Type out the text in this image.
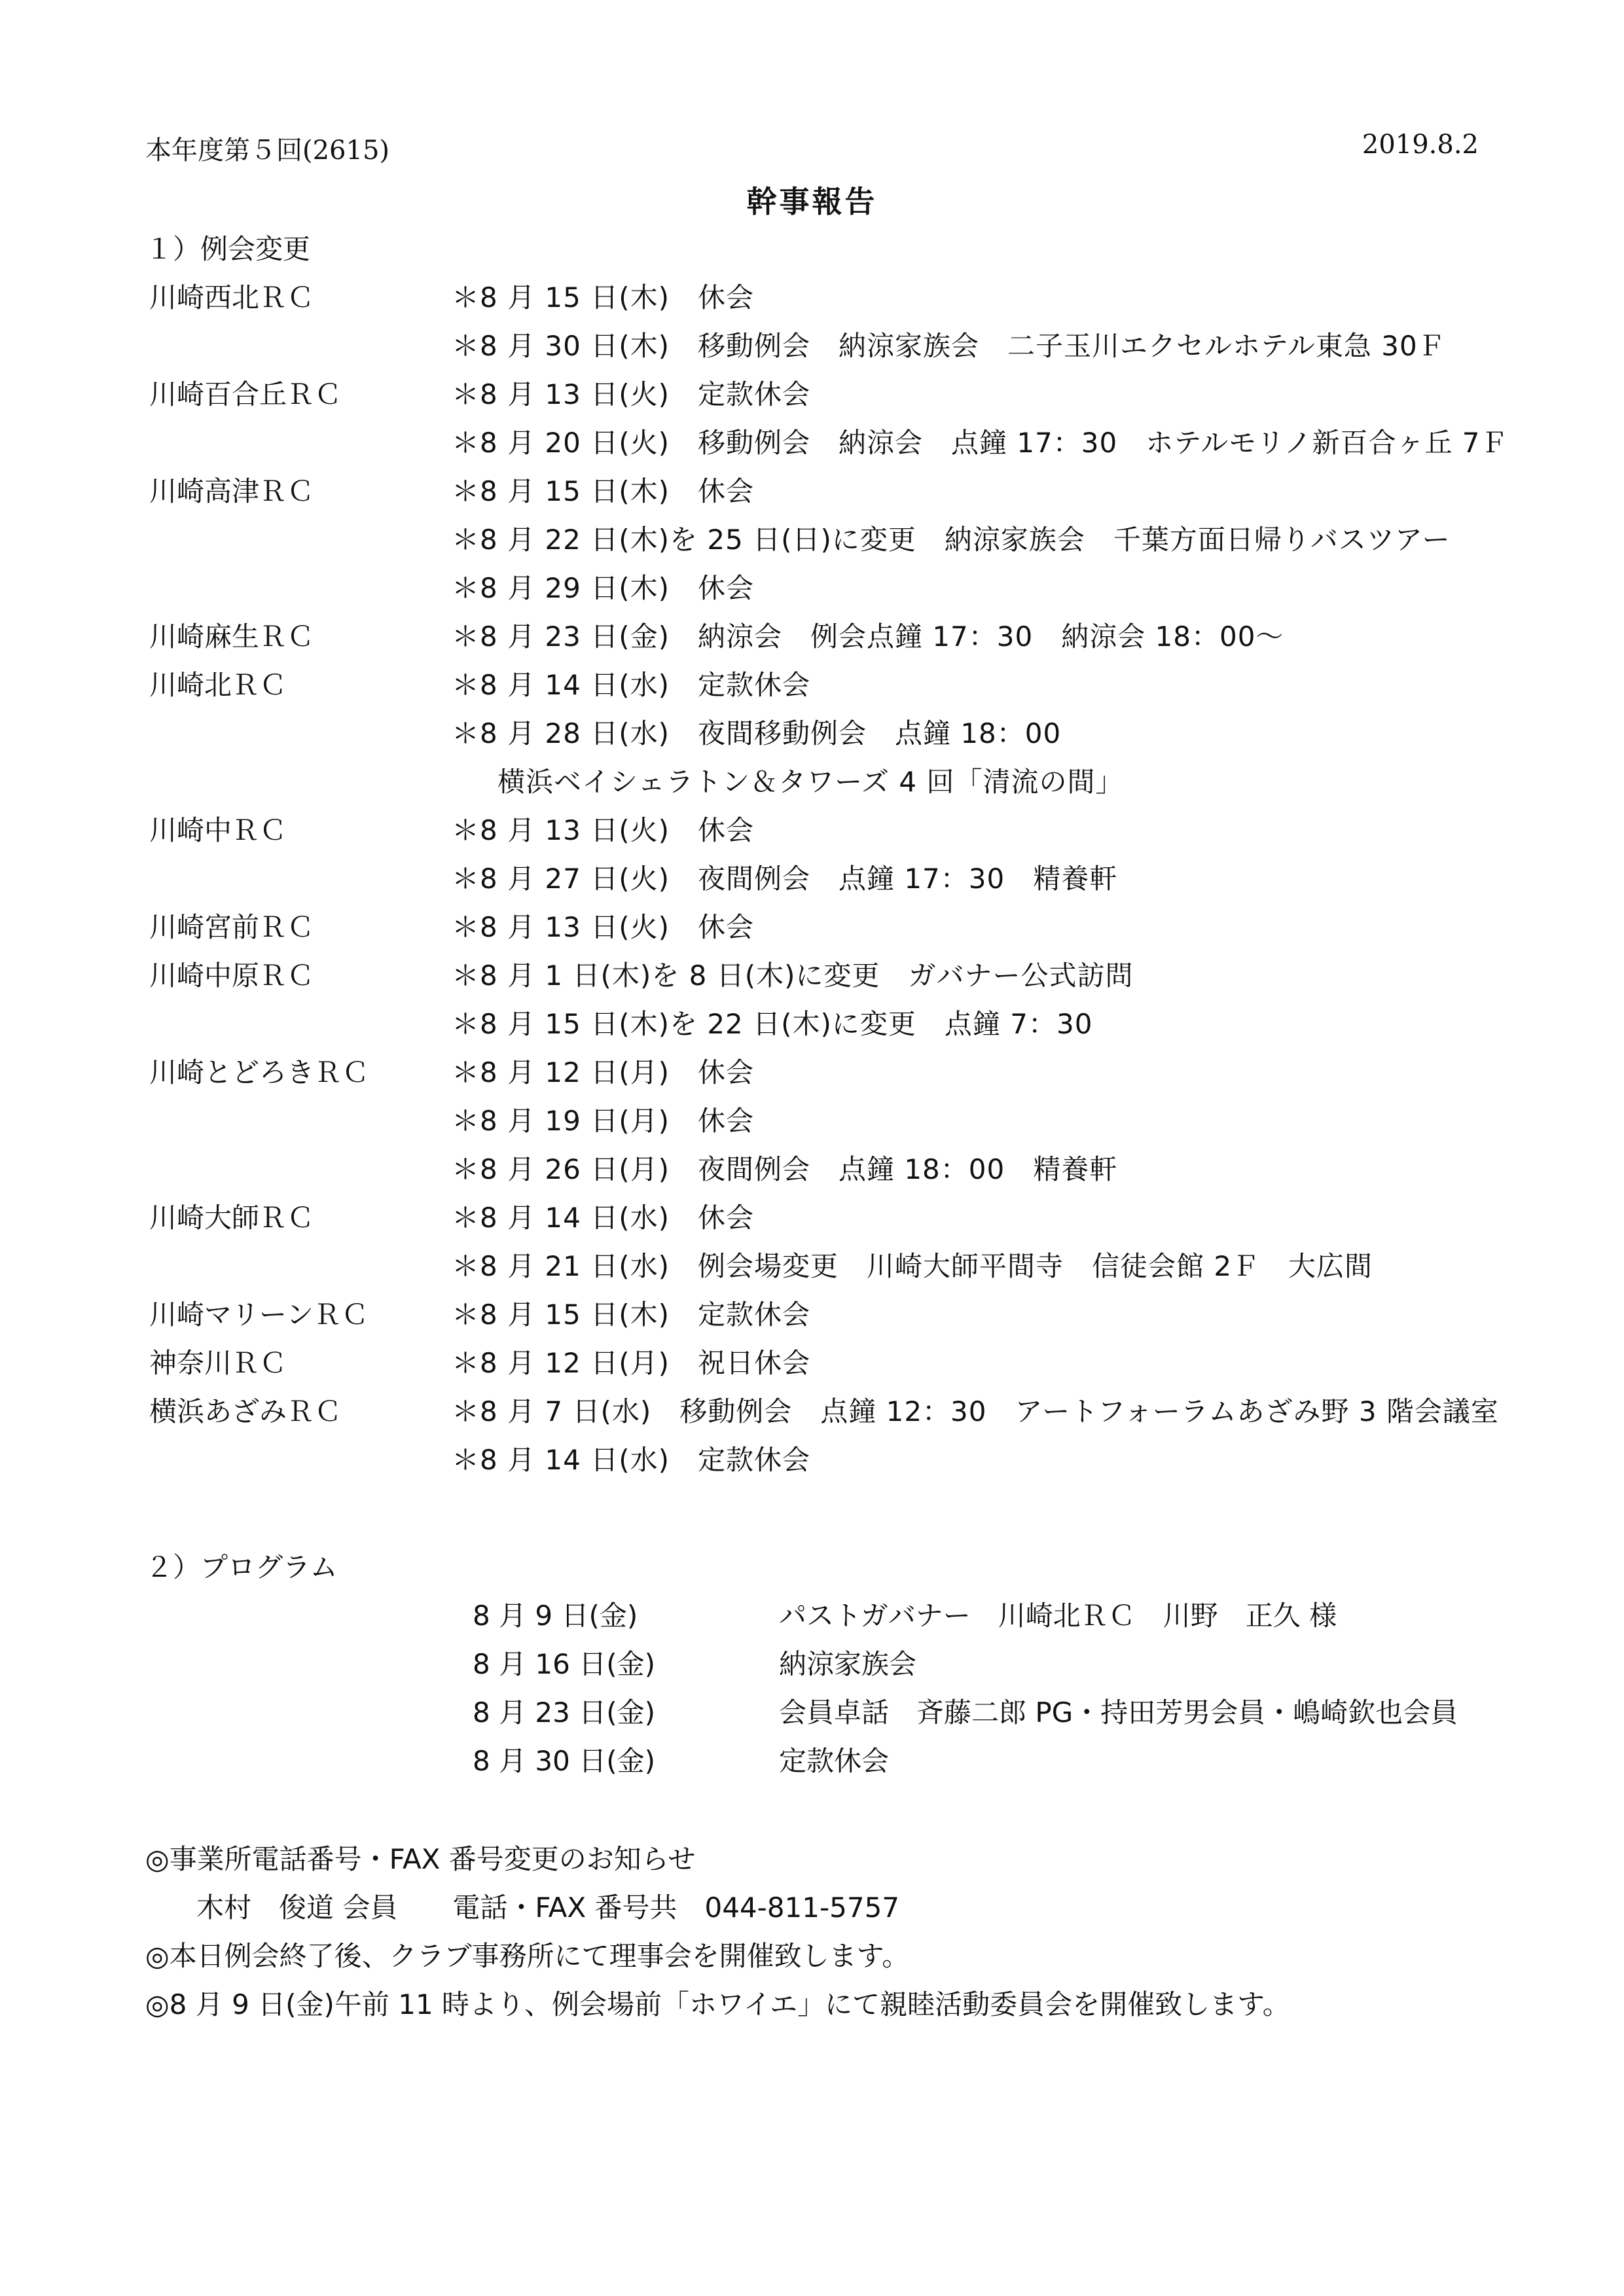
本年度第５回(2615)	2019.8.2
幹事報告
１）例会変更
川崎西北ＲＣ	＊8 月 15 日(木)　休会
＊8 月 30 日(木)　移動例会　納涼家族会　二子玉川エクセルホテル東急 30Ｆ
川崎百合丘ＲＣ	＊8 月 13 日(火)　定款休会
＊8 月 20 日(火)　移動例会　納涼会　点鐘 17：30　ホテルモリノ新百合ヶ丘 7Ｆ
川崎高津ＲＣ	＊8 月 15 日(木)　休会
＊8 月 22 日(木)を 25 日(日)に変更　納涼家族会　千葉方面日帰りバスツアー
＊8 月 29 日(木)　休会
川崎麻生ＲＣ	＊8 月 23 日(金)　納涼会　例会点鐘 17：30　納涼会 18：00～
川崎北ＲＣ	＊8 月 14 日(水)　定款休会
＊8 月 28 日(水)　夜間移動例会　点鐘 18：00
横浜ベイシェラトン＆タワーズ 4 回「清流の間」
川崎中ＲＣ	＊8 月 13 日(火)　休会
＊8 月 27 日(火)　夜間例会　点鐘 17：30　精養軒
川崎宮前ＲＣ	＊8 月 13 日(火)　休会
川崎中原ＲＣ	＊8 月 1 日(木)を 8 日(木)に変更　ガバナー公式訪問
＊8 月 15 日(木)を 22 日(木)に変更　点鐘 7：30
川崎とどろきＲＣ	＊8 月 12 日(月)　休会
＊8 月 19 日(月)　休会
＊8 月 26 日(月)　夜間例会　点鐘 18：00　精養軒
川崎大師ＲＣ	＊8 月 14 日(水)　休会
＊8 月 21 日(水)　例会場変更　川崎大師平間寺　信徒会館 2Ｆ　大広間
川崎マリーンＲＣ	＊8 月 15 日(木)　定款休会
神奈川ＲＣ	＊8 月 12 日(月)　祝日休会
横浜あざみＲＣ	＊8 月 7 日(水)　移動例会　点鐘 12：30　アートフォーラムあざみ野 3 階会議室
＊8 月 14 日(水)　定款休会
２）プログラム
8 月 9 日(金)	パストガバナー　川崎北ＲＣ　川野　正久 様
8 月 16 日(金)	納涼家族会
8 月 23 日(金)	会員卓話　斉藤二郎 PG・持田芳男会員・嶋崎欽也会員
8 月 30 日(金)	定款休会
◎事業所電話番号・FAX 番号変更のお知らせ
木村　俊道 会員　　電話・FAX 番号共　044-811-5757
◎本日例会終了後、クラブ事務所にて理事会を開催致します。
◎8 月 9 日(金)午前 11 時より、例会場前「ホワイエ」にて親睦活動委員会を開催致します。
